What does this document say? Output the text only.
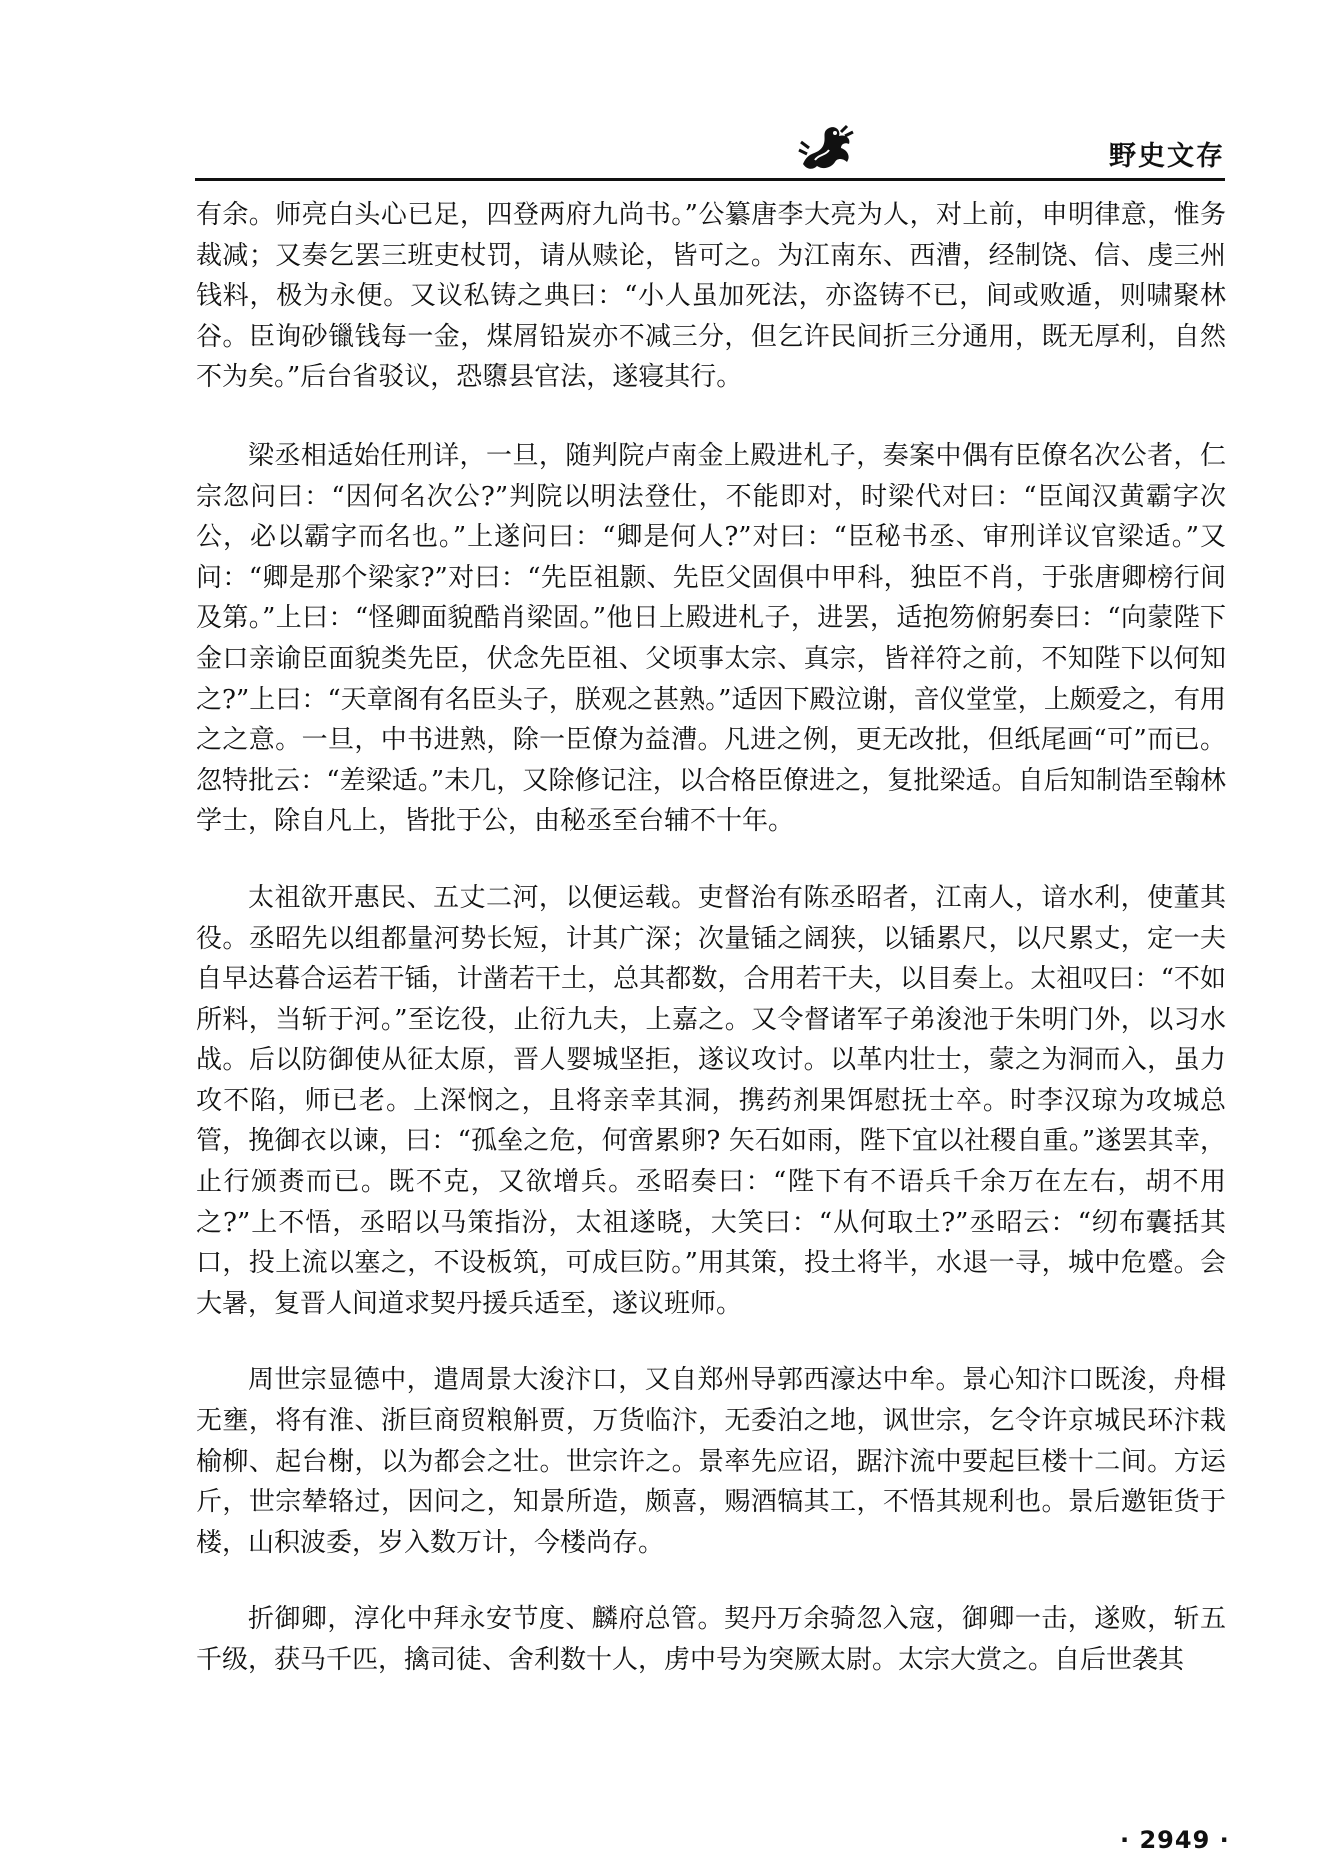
野史文存

有余。师亮白头心已足，四登两府九尚书。”公纂唐李大亮为人，对上前，申明律意，惟务裁减；又奏乞罢三班吏杖罚，请从赎论，皆可之。为江南东、西漕，经制饶、信、虔三州钱料，极为永便。又议私铸之典曰：“小人虽加死法，亦盗铸不已，间或败遁，则啸聚林谷。臣询砂镴钱每一金，煤屑铅炭亦不减三分，但乞许民间折三分通用，既无厚利，自然不为矣。”后台省驳议，恐隳县官法，遂寝其行。

梁丞相适始任刑详，一旦，随判院卢南金上殿进札子，奏案中偶有臣僚名次公者，仁宗忽问曰：“因何名次公?”判院以明法登仕，不能即对，时梁代对曰：“臣闻汉黄霸字次公，必以霸字而名也。”上遂问曰：“卿是何人?”对曰：“臣秘书丞、审刑详议官梁适。”又问：“卿是那个梁家?”对曰：“先臣祖颢、先臣父固俱中甲科，独臣不肖，于张唐卿榜行间及第。”上曰：“怪卿面貌酷肖梁固。”他日上殿进札子，进罢，适抱笏俯躬奏曰：“向蒙陛下金口亲谕臣面貌类先臣，伏念先臣祖、父顷事太宗、真宗，皆祥符之前，不知陛下以何知之?”上曰：“天章阁有名臣头子，朕观之甚熟。”适因下殿泣谢，音仪堂堂，上颇爱之，有用之之意。一旦，中书进熟，除一臣僚为益漕。凡进之例，更无改批，但纸尾画“可”而已。忽特批云：“差梁适。”未几，又除修记注，以合格臣僚进之，复批梁适。自后知制诰至翰林学士，除自凡上，皆批于公，由秘丞至台辅不十年。

太祖欲开惠民、五丈二河，以便运载。吏督治有陈丞昭者，江南人，谙水利，使董其役。丞昭先以组都量河势长短，计其广深；次量锸之阔狭，以锸累尺，以尺累丈，定一夫自早达暮合运若干锸，计凿若干土，总其都数，合用若干夫，以目奏上。太祖叹曰：“不如所料，当斩于河。”至讫役，止衍九夫，上嘉之。又令督诸军子弟浚池于朱明门外，以习水战。后以防御使从征太原，晋人婴城坚拒，遂议攻讨。以革内壮士，蒙之为洞而入，虽力攻不陷，师已老。上深悯之，且将亲幸其洞，携药剂果饵慰抚士卒。时李汉琼为攻城总管，挽御衣以谏，曰：“孤垒之危，何啻累卵? 矢石如雨，陛下宜以社稷自重。”遂罢其幸，止行颁赉而已。既不克，又欲增兵。丞昭奏曰：“陛下有不语兵千余万在左右，胡不用之?”上不悟，丞昭以马策指汾，太祖遂晓，大笑曰：“从何取土?”丞昭云：“纫布囊括其口，投上流以塞之，不设板筑，可成巨防。”用其策，投土将半，水退一寻，城中危蹙。会大暑，复晋人间道求契丹援兵适至，遂议班师。

周世宗显德中，遣周景大浚汴口，又自郑州导郭西濠达中牟。景心知汴口既浚，舟楫无壅，将有淮、浙巨商贸粮斛贾，万货临汴，无委泊之地，讽世宗，乞令许京城民环汴栽榆柳、起台榭，以为都会之壮。世宗许之。景率先应诏，踞汴流中要起巨楼十二间。方运斤，世宗辇辂过，因问之，知景所造，颇喜，赐酒犒其工，不悟其规利也。景后邀钜货于楼，山积波委，岁入数万计，今楼尚存。

折御卿，淳化中拜永安节度、麟府总管。契丹万余骑忽入寇，御卿一击，遂败，斩五千级，获马千匹，擒司徒、舍利数十人，虏中号为突厥太尉。太宗大赏之。自后世袭其

· 2949 ·
